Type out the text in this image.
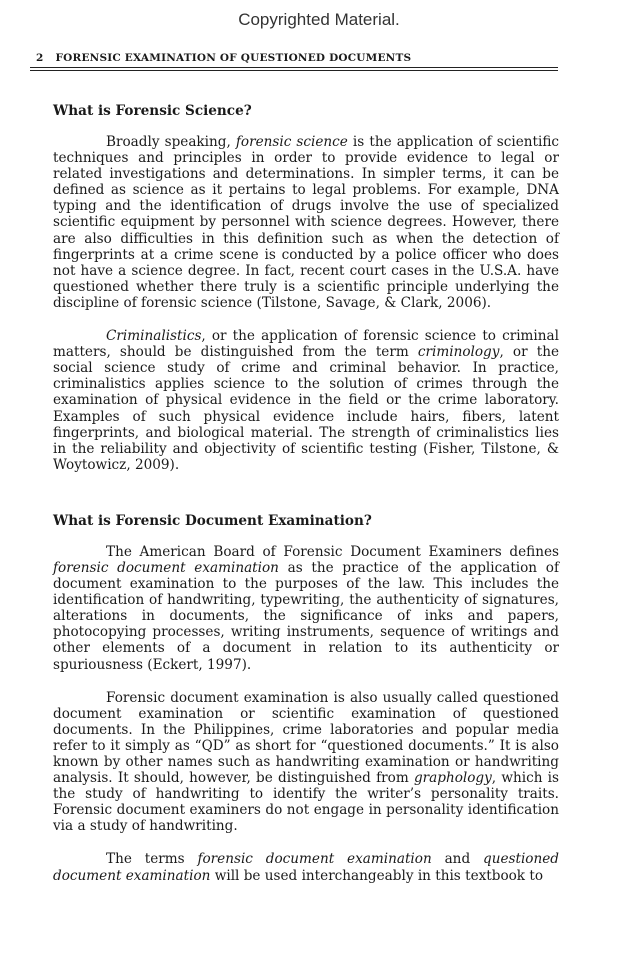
Copyrighted Material.
2 FORENSIC EXAMINATION OF QUESTIONED DOCUMENTS
What is Forensic Science?

Broadly speaking, forensic science is the application of scientific techniques and principles in order to provide evidence to legal or related investigations and determinations. In simpler terms, it can be defined as science as it pertains to legal problems. For example, DNA typing and the identification of drugs involve the use of specialized scientific equipment by personnel with science degrees. However, there are also difficulties in this definition such as when the detection of fingerprints at a crime scene is conducted by a police officer who does not have a science degree. In fact, recent court cases in the U.S.A. have questioned whether there truly is a scientific principle underlying the discipline of forensic science (Tilstone, Savage, & Clark, 2006).

Criminalistics, or the application of forensic science to criminal matters, should be distinguished from the term criminology, or the social science study of crime and criminal behavior. In practice, criminalistics applies science to the solution of crimes through the examination of physical evidence in the field or the crime laboratory. Examples of such physical evidence include hairs, fibers, latent fingerprints, and biological material. The strength of criminalistics lies in the reliability and objectivity of scientific testing (Fisher, Tilstone, & Woytowicz, 2009).

What is Forensic Document Examination?

The American Board of Forensic Document Examiners defines forensic document examination as the practice of the application of document examination to the purposes of the law. This includes the identification of handwriting, typewriting, the authenticity of signatures, alterations in documents, the significance of inks and papers, photocopying processes, writing instruments, sequence of writings and other elements of a document in relation to its authenticity or spuriousness (Eckert, 1997).

Forensic document examination is also usually called questioned document examination or scientific examination of questioned documents. In the Philippines, crime laboratories and popular media refer to it simply as “QD” as short for “questioned documents.” It is also known by other names such as handwriting examination or handwriting analysis. It should, however, be distinguished from graphology, which is the study of handwriting to identify the writer’s personality traits. Forensic document examiners do not engage in personality identification via a study of handwriting.

The terms forensic document examination and questioned document examination will be used interchangeably in this textbook to
